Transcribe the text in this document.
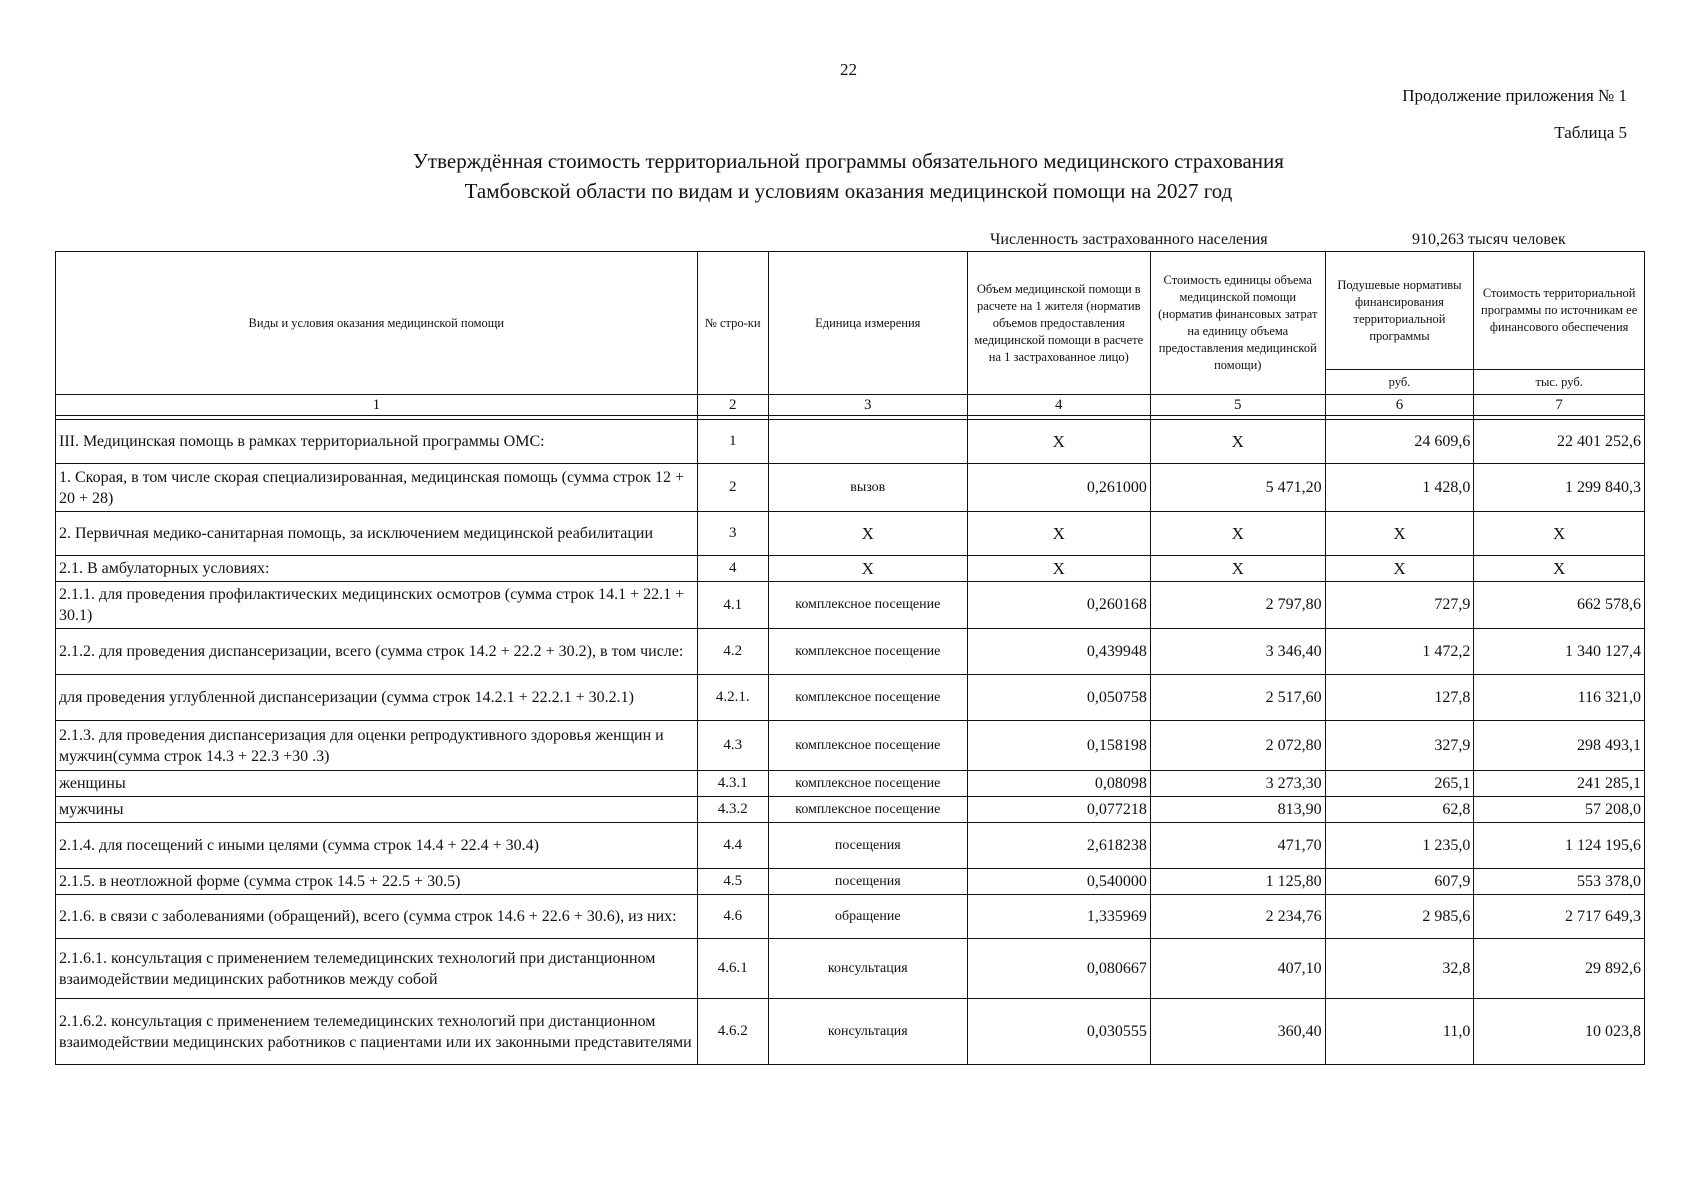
22
Продолжение приложения № 1
Таблица 5
Утверждённая стоимость территориальной программы обязательного медицинского страхования
Тамбовской области по видам и условиям оказания медицинской помощи на 2027 год
Численность застрахованного населения	910,263 тысяч человек
Виды и условия оказания медицинской помощи	№ стро-ки	Единица измерения	Объем медицинской помощи в расчете на 1 жителя (норматив объемов предоставления медицинской помощи в расчете на 1 застрахованное лицо)	Стоимость единицы объема медицинской помощи (норматив финансовых затрат на единицу объема предоставления медицинской помощи)	Подушевые нормативы финансирования территориальной программы	Стоимость территориальной программы по источникам ее финансового обеспечения
					руб.	тыс. руб.
1	2	3	4	5	6	7

III. Медицинская помощь в рамках территориальной программы ОМС:	1		X	X	24 609,6	22 401 252,6
1. Скорая, в том числе скорая специализированная, медицинская помощь (сумма строк 12 + 20 + 28)	2	вызов	0,261000	5 471,20	1 428,0	1 299 840,3
2. Первичная медико-санитарная помощь, за исключением медицинской реабилитации	3	X	X	X	X	X
2.1. В амбулаторных условиях:	4	X	X	X	X	X
2.1.1. для проведения профилактических медицинских осмотров (сумма строк 14.1 + 22.1 + 30.1)	4.1	комплексное посещение	0,260168	2 797,80	727,9	662 578,6
2.1.2. для проведения диспансеризации, всего (сумма строк 14.2 + 22.2 + 30.2), в том числе:	4.2	комплексное посещение	0,439948	3 346,40	1 472,2	1 340 127,4
для проведения углубленной диспансеризации (сумма строк 14.2.1 + 22.2.1 + 30.2.1)	4.2.1.	комплексное посещение	0,050758	2 517,60	127,8	116 321,0
2.1.3. для проведения диспансеризация для оценки репродуктивного здоровья женщин и мужчин(сумма строк 14.3 + 22.3 +30 .3)	4.3	комплексное посещение	0,158198	2 072,80	327,9	298 493,1
женщины	4.3.1	комплексное посещение	0,08098	3 273,30	265,1	241 285,1
мужчины	4.3.2	комплексное посещение	0,077218	813,90	62,8	57 208,0
2.1.4. для посещений с иными целями (сумма строк 14.4 + 22.4 + 30.4)	4.4	посещения	2,618238	471,70	1 235,0	1 124 195,6
2.1.5. в неотложной форме (сумма строк 14.5 + 22.5 + 30.5)	4.5	посещения	0,540000	1 125,80	607,9	553 378,0
2.1.6. в связи с заболеваниями (обращений), всего (сумма строк 14.6 + 22.6 + 30.6), из них:	4.6	обращение	1,335969	2 234,76	2 985,6	2 717 649,3
2.1.6.1. консультация с применением телемедицинских технологий при дистанционном взаимодействии медицинских работников между собой	4.6.1	консультация	0,080667	407,10	32,8	29 892,6
2.1.6.2. консультация с применением телемедицинских технологий при дистанционном взаимодействии медицинских работников с пациентами или их законными представителями	4.6.2	консультация	0,030555	360,40	11,0	10 023,8
